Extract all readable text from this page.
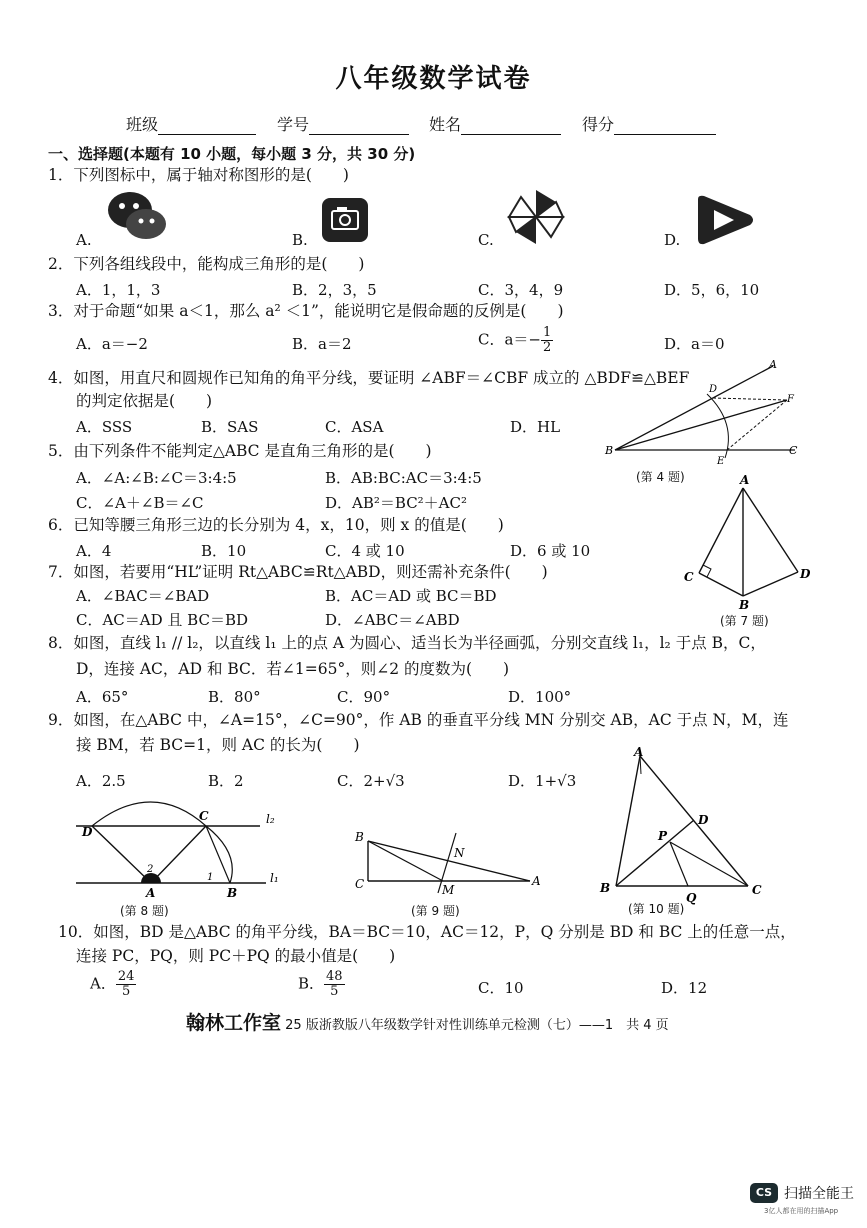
八年级数学试卷
班级	学号	姓名	得分
一、选择题(本题有 10 小题，每小题 3 分，共 30 分)
1．下列图标中，属于轴对称图形的是(　　)
A.	B.	C.	D.
2．下列各组线段中，能构成三角形的是(　　)
A．1，1，3	B．2，3，5	C．3，4，9	D．5，6，10
3．对于命题“如果 a＜1，那么 a² ＜1”，能说明它是假命题的反例是(　　)
A．a＝−2	B．a＝2	C．$a=- \frac{1}{2}$	D．a＝0
4．如图，用直尺和圆规作已知角的角平分线，要证明 ∠ABF＝∠CBF 成立的 △BDF≌△BEF
的判定依据是(　　)
A．SSS	B．SAS	C．ASA	D．HL
B
A
C
D
F
E
(第 4 题)
5．由下列条件不能判定△ABC 是直角三角形的是(　　)
A．∠A:∠B:∠C＝3:4:5	B．AB:BC:AC＝3:4:5
C．∠A＋∠B＝∠C	D．AB²＝BC²＋AC²
6．已知等腰三角形三边的长分别为 4，x，10，则 x 的值是(　　)
A．4	B．10	C．4 或 10	D．6 或 10
A
C	D
B
(第 7 题)
7．如图，若要用“HL”证明 Rt△ABC≌Rt△ABD，则还需补充条件(　　)
A．∠BAC＝∠BAD	B．AC＝AD 或 BC＝BD
C．AC＝AD 且 BC＝BD	D．∠ABC＝∠ABD
8．如图，直线 l₁ // l₂，以直线 l₁ 上的点 A 为圆心、适当长为半径画弧，分别交直线 l₁，l₂ 于点 B，C，
D，连接 AC，AD 和 BC．若∠1=65°，则∠2 的度数为(　　)
A．65°	B．80°	C．90°	D．100°
9．如图，在△ABC 中，∠A=15°，∠C=90°，作 AB 的垂直平分线 MN 分别交 AB，AC 于点 N，M，连
接 BM，若 BC=1，则 AC 的长为(　　)
A．2.5	B．2	C．2+√3	D．1+√3
D
C	l₂
l₁
A	B
2
1
(第 8 题)
B
C	A
N
M
(第 9 题)
A
B	C
D
P
Q
(第 10 题)
10．如图，BD 是△ABC 的角平分线，BA＝BC＝10，AC＝12，P，Q 分别是 BD 和 BC 上的任意一点，
连接 PC，PQ，则 PC＋PQ 的最小值是(　　)
A． $\frac{24}{5}$	B． $\frac{48}{5}$	C．10	D．12
翰林工作室 25 版浙教版八年级数学针对性训练单元检测（七）——1　共 4 页
CS 扫描全能王
3亿人都在用的扫描App
